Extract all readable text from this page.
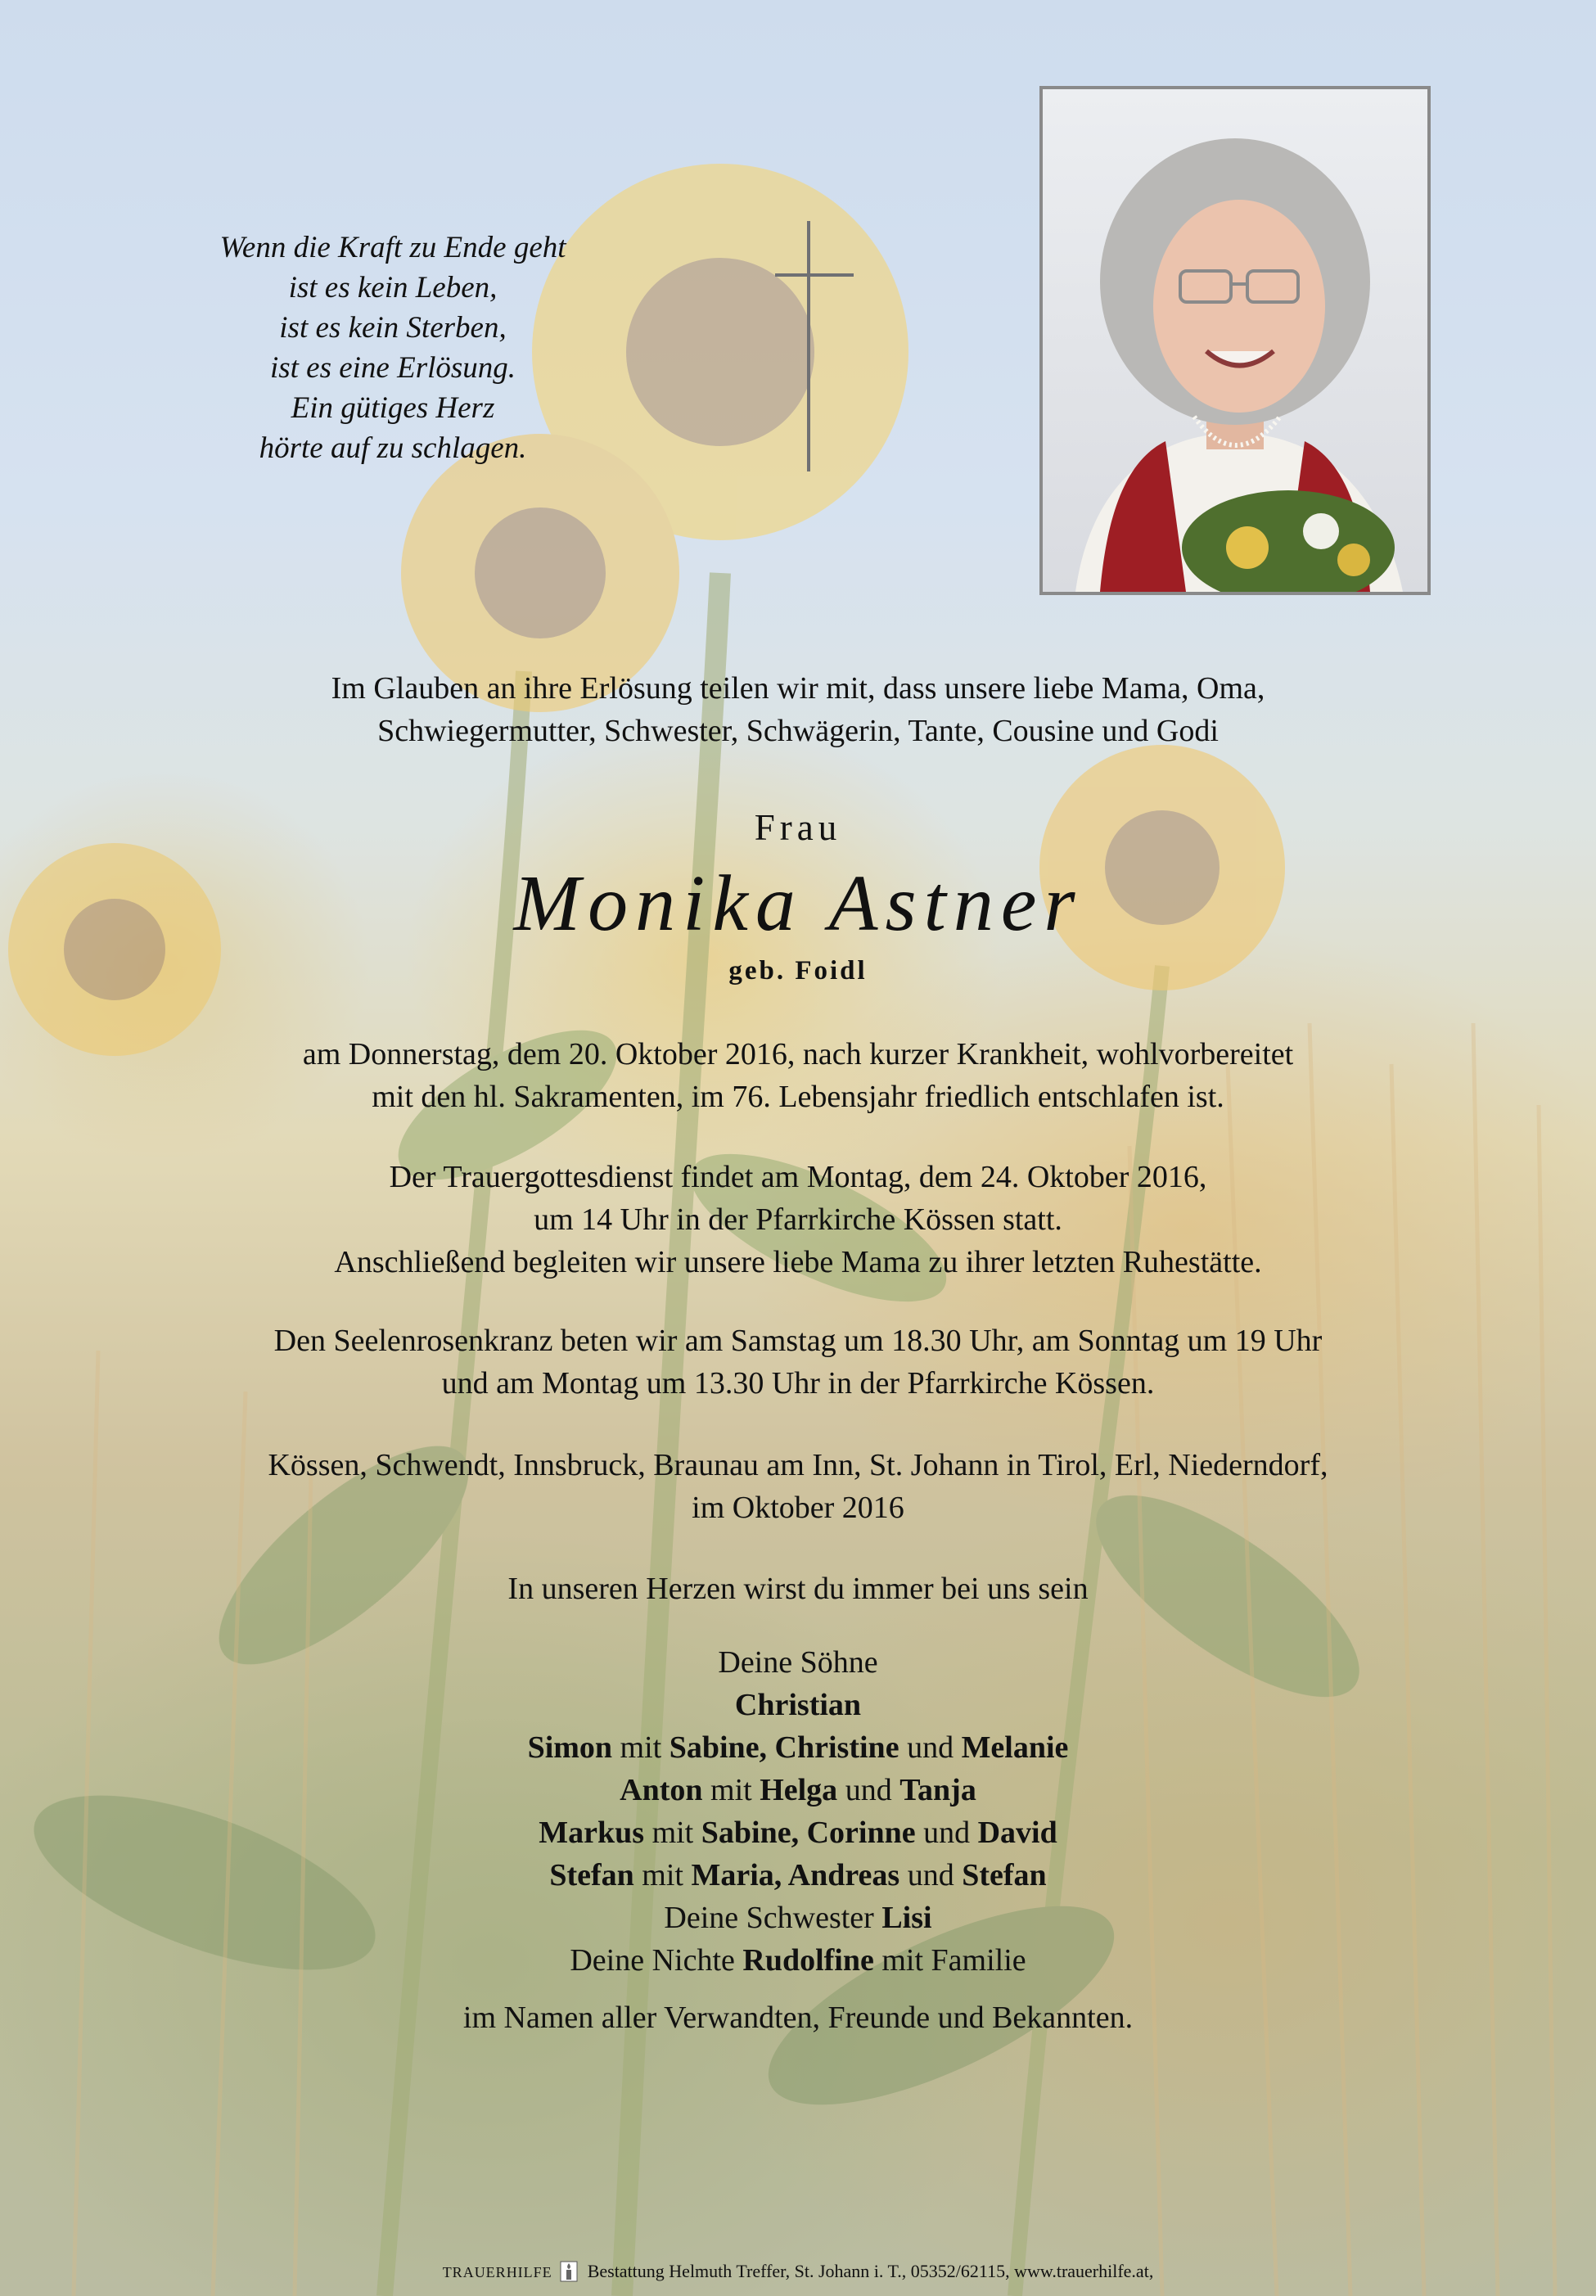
Wenn die Kraft zu Ende geht
ist es kein Leben,
ist es kein Sterben,
ist es eine Erlösung.
Ein gütiges Herz
hörte auf zu schlagen.
Im Glauben an ihre Erlösung teilen wir mit, dass unsere liebe Mama, Oma,
Schwiegermutter, Schwester, Schwägerin, Tante, Cousine und Godi
Frau
Monika Astner
geb. Foidl
am Donnerstag, dem 20. Oktober 2016, nach kurzer Krankheit, wohlvorbereitet
mit den hl. Sakramenten, im 76. Lebensjahr friedlich entschlafen ist.
Der Trauergottesdienst findet am Montag, dem 24. Oktober 2016,
um 14 Uhr in der Pfarrkirche Kössen statt.
Anschließend begleiten wir unsere liebe Mama zu ihrer letzten Ruhestätte.
Den Seelenrosenkranz beten wir am Samstag um 18.30 Uhr, am Sonntag um 19 Uhr
und am Montag um 13.30 Uhr in der Pfarrkirche Kössen.
Kössen, Schwendt, Innsbruck, Braunau am Inn, St. Johann in Tirol, Erl, Niederndorf,
im Oktober 2016
In unseren Herzen wirst du immer bei uns sein
Deine Söhne
Christian
Simon mit Sabine, Christine und Melanie
Anton mit Helga und Tanja
Markus mit Sabine, Corinne und David
Stefan mit Maria, Andreas und Stefan
Deine Schwester Lisi
Deine Nichte Rudolfine mit Familie
im Namen aller Verwandten, Freunde und Bekannten.
TRAUERHILFE Bestattung Helmuth Treffer, St. Johann i. T., 05352/62115, www.trauerhilfe.at,
